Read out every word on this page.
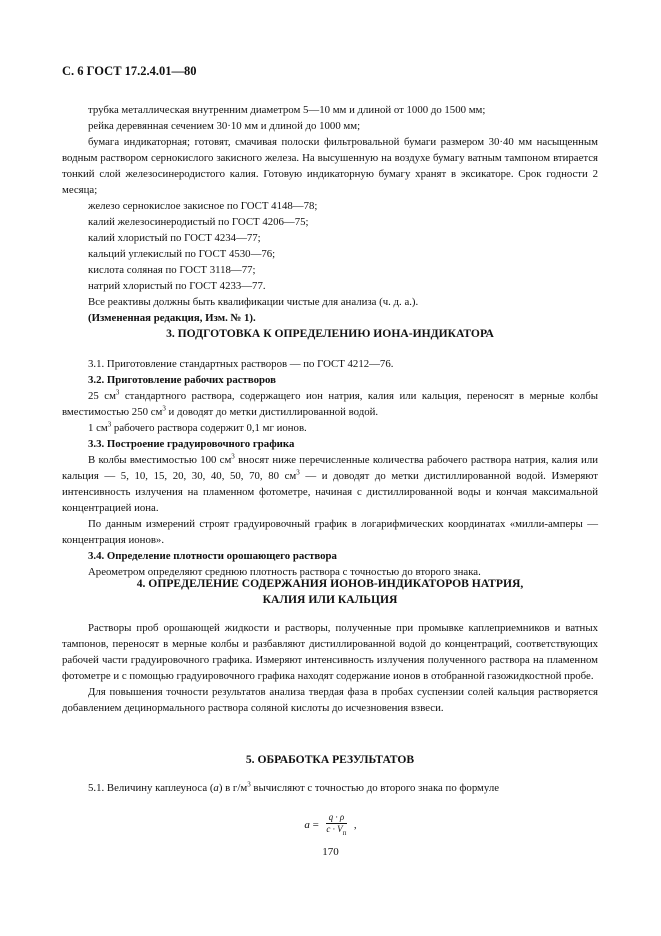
С. 6 ГОСТ 17.2.4.01—80

трубка металлическая внутренним диаметром 5—10 мм и длиной от 1000 до 1500 мм;

рейка деревянная сечением 30·10 мм и длиной до 1000 мм;

бумага индикаторная; готовят, смачивая полоски фильтровальной бумаги размером 30·40 мм насыщенным водным раствором сернокислого закисного железа. На высушенную на воздухе бумагу ватным тампоном втирается тонкий слой железосинеродистого калия. Готовую индикаторную бумагу хранят в эксикаторе. Срок годности 2 месяца;

железо сернокислое закисное по ГОСТ 4148—78;

калий железосинеродистый по ГОСТ 4206—75;

калий хлористый по ГОСТ 4234—77;

кальций углекислый по ГОСТ 4530—76;

кислота соляная по ГОСТ 3118—77;

натрий хлористый по ГОСТ 4233—77.

Все реактивы должны быть квалификации чистые для анализа (ч. д. а.).

(Измененная редакция, Изм. № 1).

3. ПОДГОТОВКА К ОПРЕДЕЛЕНИЮ ИОНА-ИНДИКАТОРА

3.1. Приготовление стандартных растворов — по ГОСТ 4212—76.

3.2. Приготовление рабочих растворов

25 $см^3$ стандартного раствора, содержащего ион натрия, калия или кальция, переносят в мерные колбы вместимостью 250 $см^3$ и доводят до метки дистиллированной водой.

1 $см^3$ рабочего раствора содержит 0,1 мг ионов.

3.3. Построение градуировочного графика

В колбы вместимостью 100 $см^3$ вносят ниже перечисленные количества рабочего раствора натрия, калия или кальция — 5, 10, 15, 20, 30, 40, 50, 70, 80 $см^3$ — и доводят до метки дистиллированной водой. Измеряют интенсивность излучения на пламенном фотометре, начиная с дистиллированной воды и кончая максимальной концентрацией иона.

По данным измерений строят градуировочный график в логарифмических координатах «милли-амперы — концентрация ионов».

3.4. Определение плотности орошающего раствора

Ареометром определяют среднюю плотность раствора с точностью до второго знака.

4. ОПРЕДЕЛЕНИЕ СОДЕРЖАНИЯ ИОНОВ-ИНДИКАТОРОВ НАТРИЯ,

КАЛИЯ ИЛИ КАЛЬЦИЯ

Растворы проб орошающей жидкости и растворы, полученные при промывке каплеприемников и ватных тампонов, переносят в мерные колбы и разбавляют дистиллированной водой до концентраций, соответствующих рабочей части градуировочного графика. Измеряют интенсивность излучения полученного раствора на пламенном фотометре и с помощью градуировочного графика находят содержание ионов в отобранной газожидкостной пробе.

Для повышения точности результатов анализа твердая фаза в пробах суспензии солей кальция растворяется добавлением децинормального раствора соляной кислоты до исчезновения взвеси.

5. ОБРАБОТКА РЕЗУЛЬТАТОВ

5.1. Величину каплеуноса (a) в $г/м^3$ вычисляют с точностью до второго знака по формуле

$a = \frac{q \cdot \rho}{c \cdot V_п}$ ,
170
